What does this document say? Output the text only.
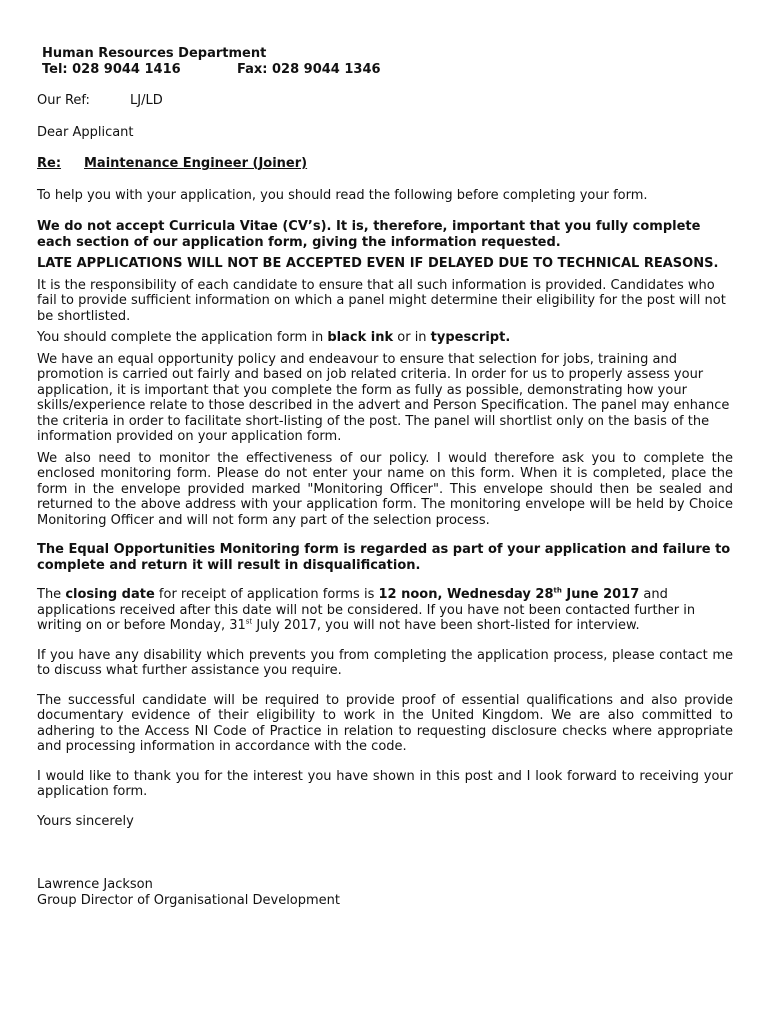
Human Resources Department

Tel: 028 9044 1416	Fax: 028 9044 1346

Our Ref:	LJ/LD

Dear Applicant

Re: Maintenance Engineer (Joiner)

To help you with your application, you should read the following before completing your form.

We do not accept Curricula Vitae (CV’s). It is, therefore, important that you fully complete each section of our application form, giving the information requested.

LATE APPLICATIONS WILL NOT BE ACCEPTED EVEN IF DELAYED DUE TO TECHNICAL REASONS.

It is the responsibility of each candidate to ensure that all such information is provided. Candidates who fail to provide sufficient information on which a panel might determine their eligibility for the post will not be shortlisted.

You should complete the application form in black ink or in typescript.

We have an equal opportunity policy and endeavour to ensure that selection for jobs, training and promotion is carried out fairly and based on job related criteria. In order for us to properly assess your application, it is important that you complete the form as fully as possible, demonstrating how your skills/experience relate to those described in the advert and Person Specification. The panel may enhance the criteria in order to facilitate short-listing of the post. The panel will shortlist only on the basis of the information provided on your application form.

We also need to monitor the effectiveness of our policy. I would therefore ask you to complete the enclosed monitoring form. Please do not enter your name on this form. When it is completed, place the form in the envelope provided marked "Monitoring Officer". This envelope should then be sealed and returned to the above address with your application form. The monitoring envelope will be held by Choice Monitoring Officer and will not form any part of the selection process.

The Equal Opportunities Monitoring form is regarded as part of your application and failure to complete and return it will result in disqualification.

The closing date for receipt of application forms is 12 noon, Wednesday 28th June 2017 and applications received after this date will not be considered. If you have not been contacted further in writing on or before Monday, 31st July 2017, you will not have been short-listed for interview.

If you have any disability which prevents you from completing the application process, please contact me to discuss what further assistance you require.

The successful candidate will be required to provide proof of essential qualifications and also provide documentary evidence of their eligibility to work in the United Kingdom. We are also committed to adhering to the Access NI Code of Practice in relation to requesting disclosure checks where appropriate and processing information in accordance with the code.

I would like to thank you for the interest you have shown in this post and I look forward to receiving your application form.

Yours sincerely

Lawrence Jackson

Group Director of Organisational Development
